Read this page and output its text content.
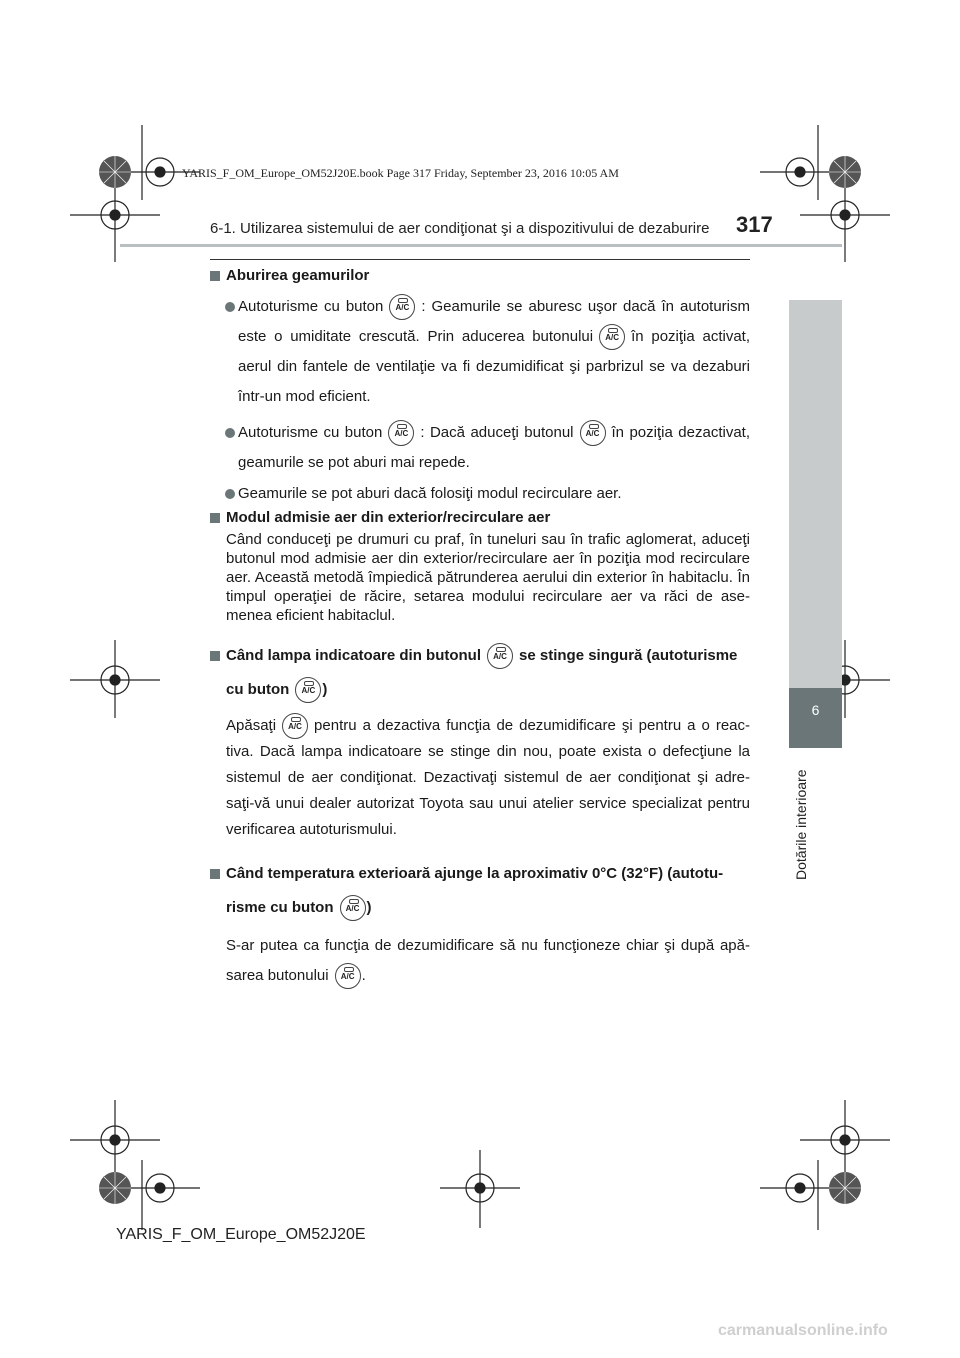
YARIS_F_OM_Europe_OM52J20E.book Page 317 Friday, September 23, 2016 10:05 AM
6-1. Utilizarea sistemului de aer condiţionat şi a dispozitivului de dezaburire 317
6
Dotările interioare
Aburirea geamurilor
Autoturisme cu buton	A/C : Geamurile se aburesc uşor dacă în autoturism este o umiditate crescută. Prin aducerea butonului	A/C în poziţia activat, aerul din fantele de ventilaţie va fi dezumidificat şi parbrizul se va dezaburi într-un mod eficient.
Autoturisme cu buton	A/C : Dacă aduceţi butonul	A/C în poziţia dezactivat, geamurile se pot aburi mai repede.
Geamurile se pot aburi dacă folosiţi modul recirculare aer.
Modul admisie aer din exterior/recirculare aer

Când conduceţi pe drumuri cu praf, în tuneluri sau în trafic aglomerat, aduceţi butonul mod admisie aer din exterior/recirculare aer în poziţia mod recirculare aer. Această metodă împiedică pătrunderea aerului din exterior în habitaclu. În timpul operaţiei de răcire, setarea modului recirculare aer va răci de ase-menea eficient habitaclul.

Când lampa indicatoare din butonul	A/C se stinge singură (autoturisme cu buton	A/C )

Apăsaţi	A/C pentru a dezactiva funcţia de dezumidificare şi pentru a o reac-tiva. Dacă lampa indicatoare se stinge din nou, poate exista o defecţiune la sistemul de aer condiţionat. Dezactivaţi sistemul de aer condiţionat şi adre-saţi-vă unui dealer autorizat Toyota sau unui atelier service specializat pentru verificarea autoturismului.

Când temperatura exterioară ajunge la aproximativ 0°C (32°F) (autotu-risme cu buton	A/C )

S-ar putea ca funcţia de dezumidificare să nu funcţioneze chiar şi după apă-sarea butonului	A/C .

YARIS_F_OM_Europe_OM52J20E
carmanualsonline.info
